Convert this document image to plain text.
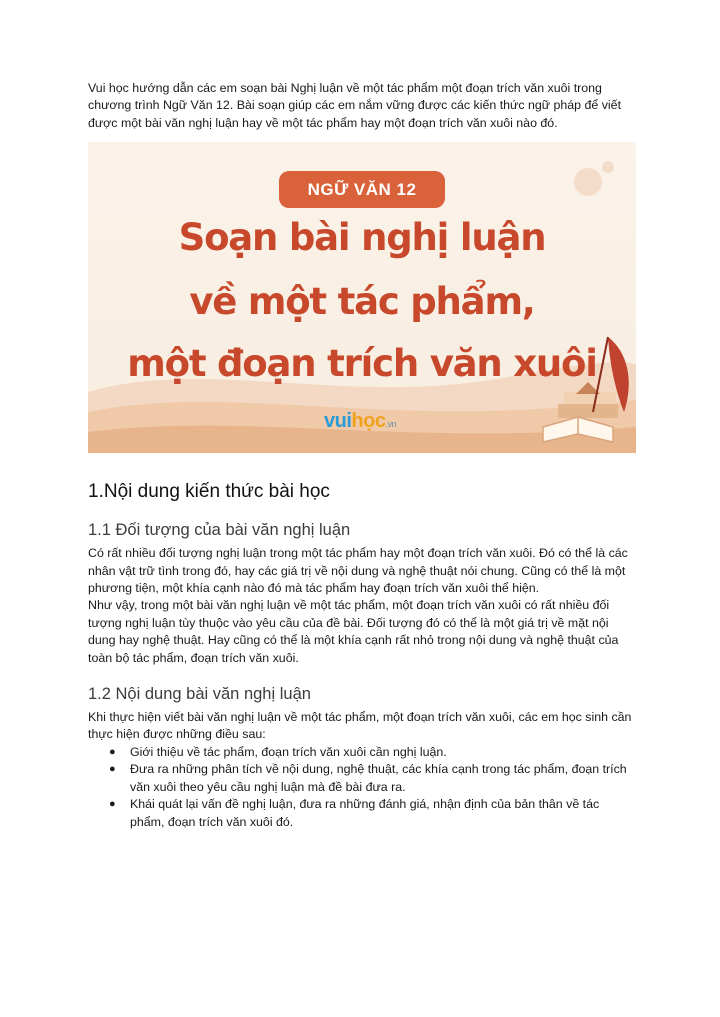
Vui học hướng dẫn các em soạn bài Nghị luận về một tác phẩm một đoạn trích văn xuôi trong chương trình Ngữ Văn 12. Bài soạn giúp các em nắm vững được các kiến thức ngữ pháp để viết được một bài văn nghị luận hay về một tác phẩm hay một đoạn trích văn xuôi nào đó.

NGỮ VĂN 12
Soạn bài nghị luận
về một tác phẩm,
một đoạn trích văn xuôi
vuihọc.vn
1.Nội dung kiến thức bài học
1.1 Đối tượng của bài văn nghị luận

Có rất nhiều đối tượng nghị luận trong một tác phẩm hay một đoạn trích văn xuôi. Đó có thể là các nhân vật trữ tình trong đó, hay các giá trị về nội dung và nghệ thuật nói chung. Cũng có thể là một phương tiện, một khía cạnh nào đó mà tác phẩm hay đoạn trích văn xuôi thể hiện.

Như vậy, trong một bài văn nghị luận về một tác phẩm, một đoạn trích văn xuôi có rất nhiều đối tượng nghị luận tùy thuộc vào yêu cầu của đề bài. Đối tượng đó có thể là một giá trị về mặt nội dung hay nghệ thuật. Hay cũng có thể là một khía cạnh rất nhỏ trong nội dung và nghệ thuật của toàn bộ tác phẩm, đoạn trích văn xuôi.

1.2 Nội dung bài văn nghị luận

Khi thực hiện viết bài văn nghị luận về một tác phẩm, một đoạn trích văn xuôi, các em học sinh cần thực hiện được những điều sau:

● Giới thiệu về tác phẩm, đoạn trích văn xuôi cần nghị luận.
● Đưa ra những phân tích về nội dung, nghệ thuật, các khía cạnh trong tác phẩm, đoạn trích văn xuôi theo yêu cầu nghị luận mà đề bài đưa ra.
● Khái quát lại vấn đề nghị luận, đưa ra những đánh giá, nhận định của bản thân về tác phẩm, đoạn trích văn xuôi đó.
